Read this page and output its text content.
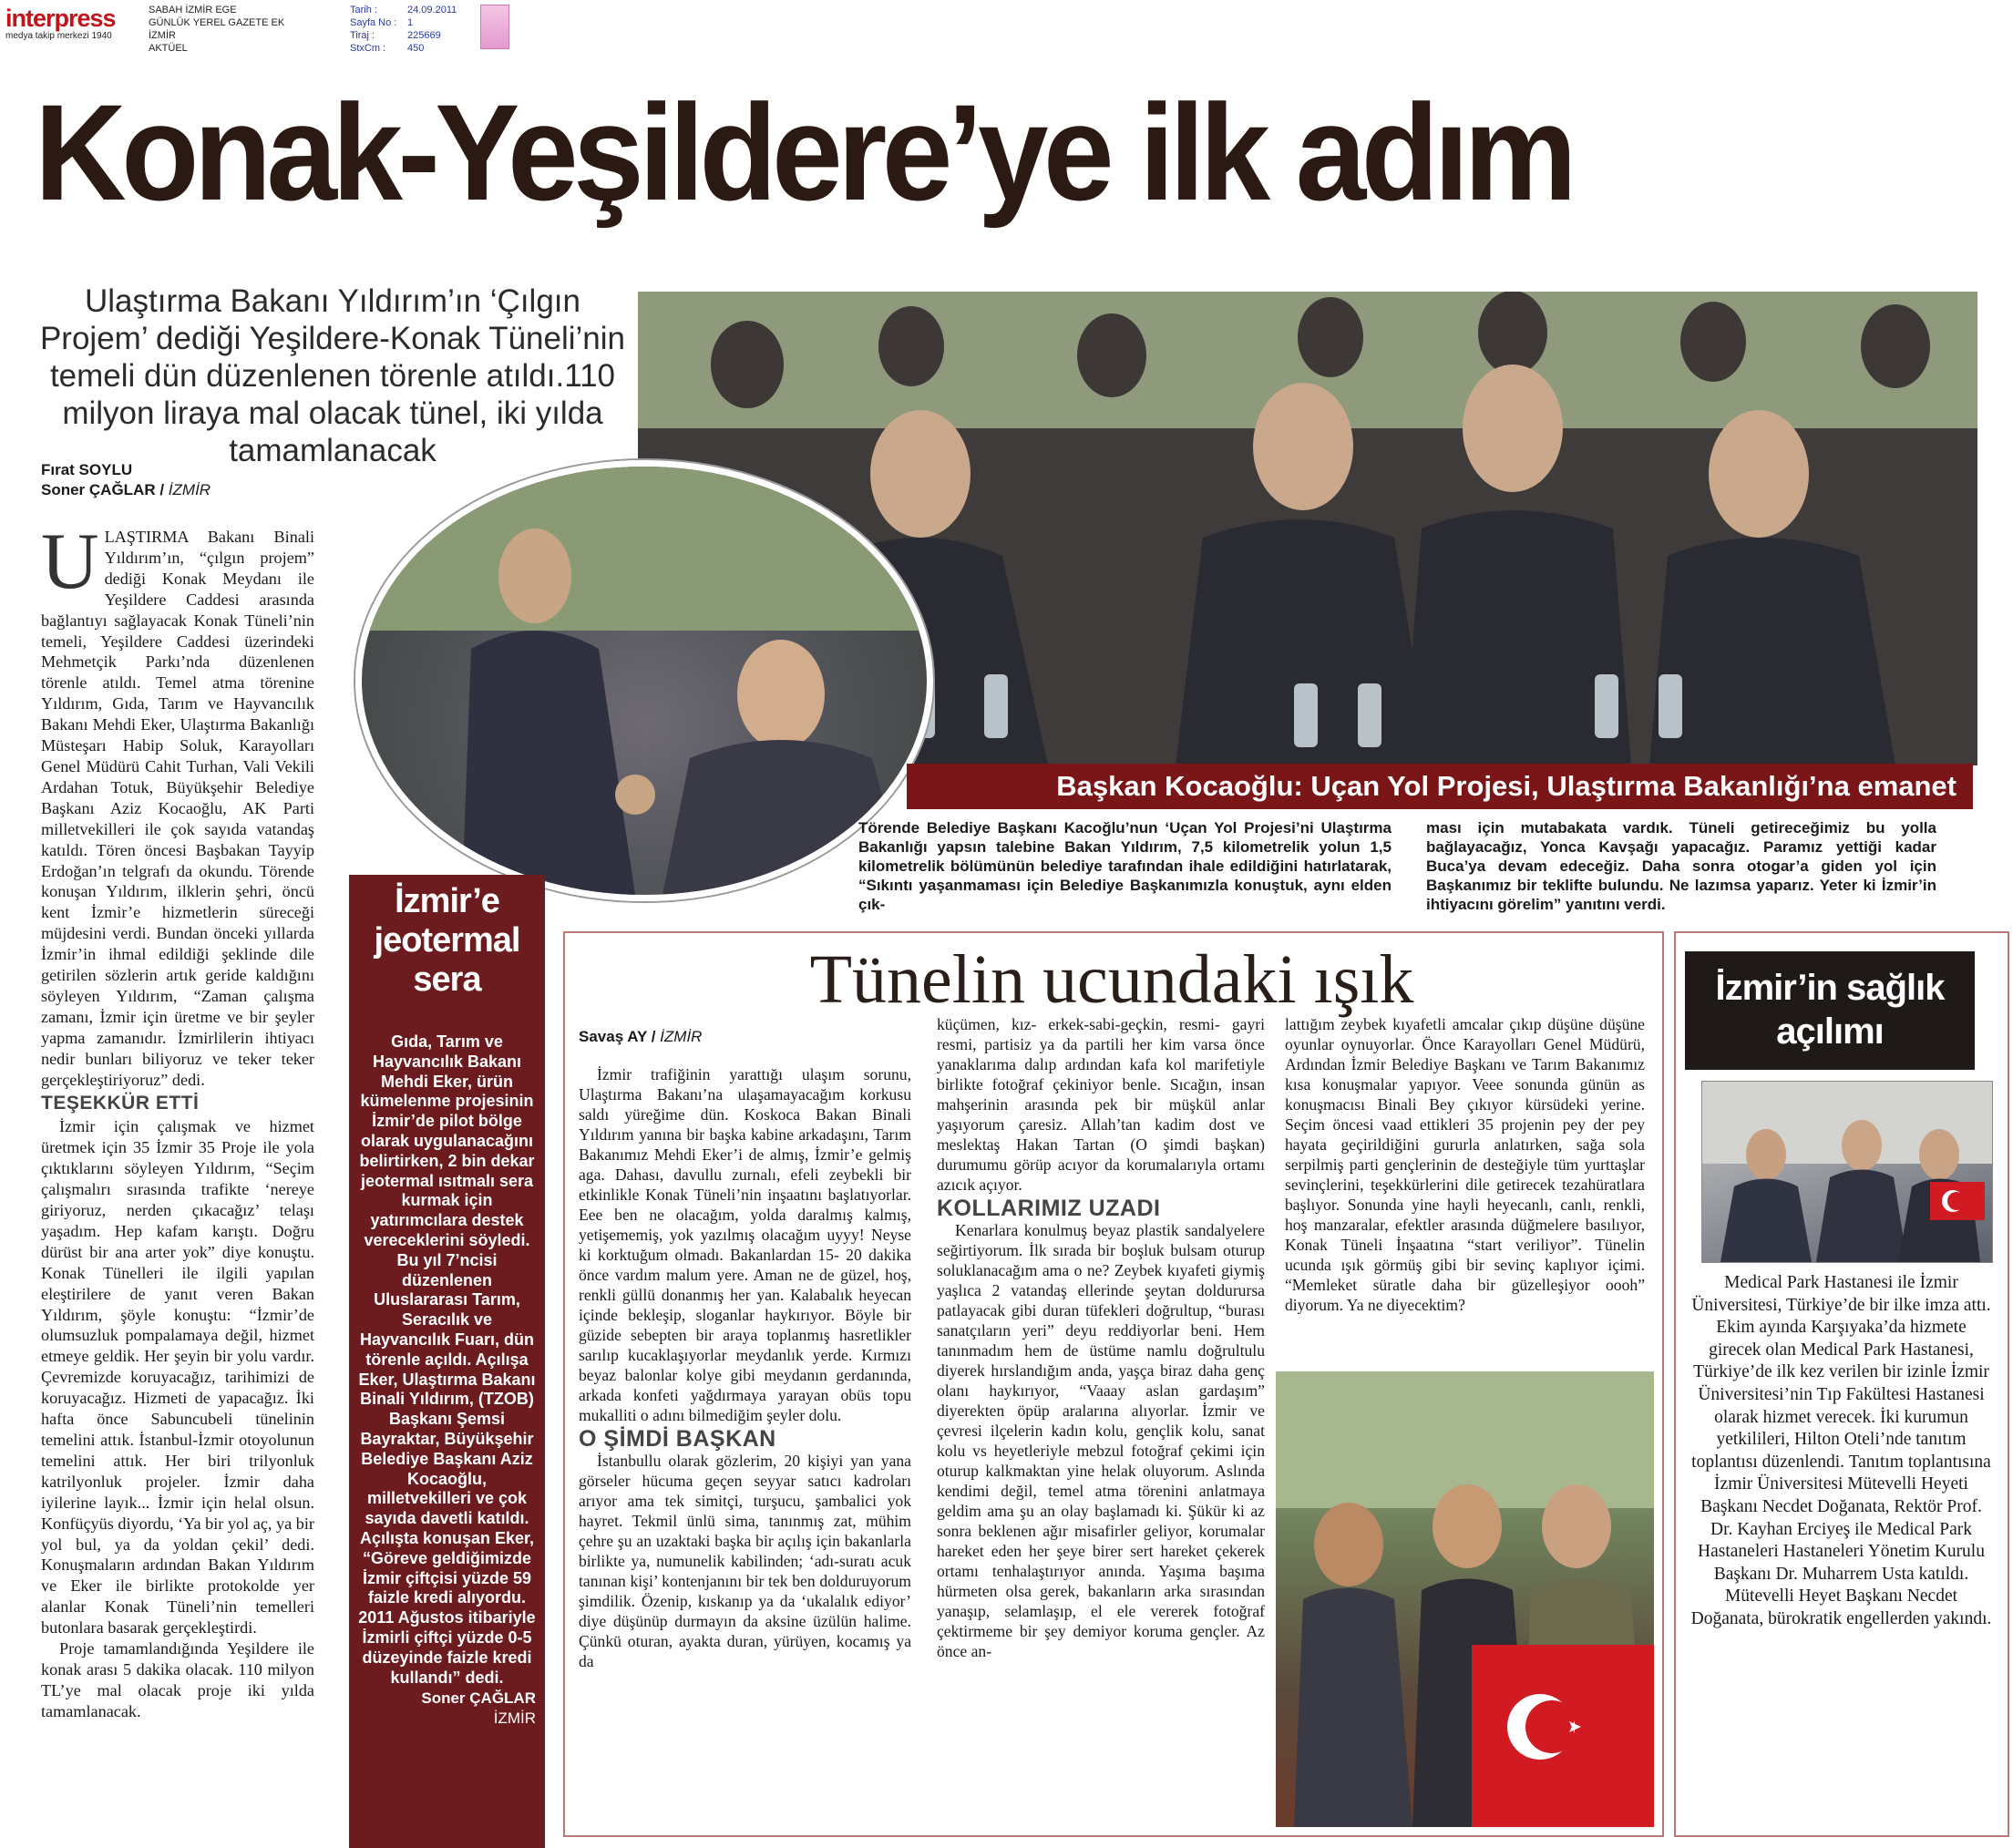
interpress
medya takip merkezi 1940
SABAH İZMİR EGE
GÜNLÜK YEREL GAZETE EK
İZMİR
AKTÜEL
Tarih :	24.09.2011
Sayfa No :	1
Tiraj :	225669
StxCm :	450
Konak-Yeşildere’ye ilk adım
Ulaştırma Bakanı Yıldırım’ın ‘Çılgın Projem’ dediği Yeşildere-Konak Tüneli’nin temeli dün düzenlenen törenle atıldı.110 milyon liraya mal olacak tünel, iki yılda tamamlanacak
Fırat SOYLU
Soner ÇAĞLAR / İZMİR

ULAŞTIRMA Bakanı Binali Yıldırım’ın, “çılgın projem” dediği Konak Meydanı ile Yeşildere Caddesi arasında bağlantıyı sağlayacak Konak Tüneli’nin temeli, Yeşildere Caddesi üzerindeki Mehmetçik Parkı’nda düzenlenen törenle atıldı. Temel atma törenine Yıldırım, Gıda, Tarım ve Hayvancılık Bakanı Mehdi Eker, Ulaştırma Bakanlığı Müsteşarı Habip Soluk, Karayolları Genel Müdürü Cahit Turhan, Vali Vekili Ardahan Totuk, Büyükşehir Belediye Başkanı Aziz Kocaoğlu, AK Parti milletvekilleri ile çok sayıda vatandaş katıldı. Tören öncesi Başbakan Tayyip Erdoğan’ın telgrafı da okundu. Törende konuşan Yıldırım, ilklerin şehri, öncü kent İzmir’e hizmetlerin süreceği müjdesini verdi. Bundan önceki yıllarda İzmir’in ihmal edildiği şeklinde dile getirilen sözlerin artık geride kaldığını söyleyen Yıldırım, “Zaman çalışma zamanı, İzmir için üretme ve bir şeyler yapma zamanıdır. İzmirlilerin ihtiyacı nedir bunları biliyoruz ve teker teker gerçekleştiriyoruz” dedi.

TEŞEKKÜR ETTİ

İzmir için çalışmak ve hizmet üretmek için 35 İzmir 35 Proje ile yola çıktıklarını söyleyen Yıldırım, “Seçim çalışmalırı sırasında trafikte ‘nereye giriyoruz, nerden çıkacağız’ telaşı yaşadım. Hep kafam karıştı. Doğru dürüst bir ana arter yok” diye konuştu. Konak Tünelleri ile ilgili yapılan eleştirilere de yanıt veren Bakan Yıldırım, şöyle konuştu: “İzmir’de olumsuzluk pompalamaya değil, hizmet etmeye geldik. Her şeyin bir yolu vardır. Çevremizde koruyacağız, tarihimizi de koruyacağız. Hizmeti de yapacağız. İki hafta önce Sabuncubeli tünelinin temelini attık. İstanbul-İzmir otoyolunun temelini attık. Her biri trilyonluk katrilyonluk projeler. İzmir daha iyilerine layık... İzmir için helal olsun. Konfüçyüs diyordu, ‘Ya bir yol aç, ya bir yol bul, ya da yoldan çekil’ dedi. Konuşmaların ardından Bakan Yıldırım ve Eker ile birlikte protokolde yer alanlar Konak Tüneli’nin temelleri butonlara basarak gerçekleştirdi.

Proje tamamlandığında Yeşildere ile konak arası 5 dakika olacak. 110 milyon TL’ye mal olacak proje iki yılda tamamlanacak.

İzmir’e jeotermal sera
Gıda, Tarım ve Hayvancılık Bakanı Mehdi Eker, ürün kümelenme projesinin İzmir’de pilot bölge olarak uygulanacağını belirtirken, 2 bin dekar jeotermal ısıtmalı sera kurmak için yatırımcılara destek vereceklerini söyledi. Bu yıl 7’ncisi düzenlenen Uluslararası Tarım, Seracılık ve Hayvancılık Fuarı, dün törenle açıldı. Açılışa Eker, Ulaştırma Bakanı Binali Yıldırım, (TZOB) Başkanı Şemsi Bayraktar, Büyükşehir Belediye Başkanı Aziz Kocaoğlu, milletvekilleri ve çok sayıda davetli katıldı. Açılışta konuşan Eker, “Göreve geldiğimizde İzmir çiftçisi yüzde 59 faizle kredi alıyordu. 2011 Ağustos itibariyle İzmirli çiftçi yüzde 0-5 düzeyinde faizle kredi kullandı” dedi.
Soner ÇAĞLAR
İZMİR
Başkan Kocaoğlu: Uçan Yol Projesi, Ulaştırma Bakanlığı’na emanet
Törende Belediye Başkanı Kacoğlu’nun ‘Uçan Yol Projesi’ni Ulaştırma Bakanlığı yapsın talebine Bakan Yıldırım, 7,5 kilometrelik yolun 1,5 kilometrelik bölümünün belediye tarafından ihale edildiğini hatırlatarak, “Sıkıntı yaşanmaması için Belediye Başkanımızla konuştuk, aynı elden çık-
ması için mutabakata vardık. Tüneli getireceğimiz bu yolla bağlayacağız, Yonca Kavşağı yapacağız. Paramız yettiği kadar Buca’ya devam edeceğiz. Daha sonra otogar’a giden yol için Başkanımız bir teklifte bulundu. Ne lazımsa yaparız. Yeter ki İzmir’in ihtiyacını görelim” yanıtını verdi.
Tünelin ucundaki ışık
Savaş AY / İZMİR

İzmir trafiğinin yarattığı ulaşım sorunu, Ulaştırma Bakanı’na ulaşamayacağım korkusu saldı yüreğime dün. Koskoca Bakan Binali Yıldırım yanına bir başka kabine arkadaşını, Tarım Bakanımız Mehdi Eker’i de almış, İzmir’e gelmiş aga. Dahası, davullu zurnalı, efeli zeybekli bir etkinlikle Konak Tüneli’nin inşaatını başlatıyorlar. Eee ben ne olacağım, yolda daralmış kalmış, yetişememiş, yok yazılmış olacağım uyyy! Neyse ki korktuğum olmadı. Bakanlardan 15- 20 dakika önce vardım malum yere. Aman ne de güzel, hoş, renkli güllü donanmış her yan. Kalabalık heyecan içinde bekleşip, sloganlar haykırıyor. Böyle bir güzide sebepten bir araya toplanmış hasretlikler sarılıp kucaklaşıyorlar meydanlık yerde. Kırmızı beyaz balonlar kolye gibi meydanın gerdanında, arkada konfeti yağdırmaya yarayan obüs topu mukalliti o adını bilmediğim şeyler dolu.

O ŞİMDİ BAŞKAN

İstanbullu olarak gözlerim, 20 kişiyi yan yana görseler hücuma geçen seyyar satıcı kadroları arıyor ama tek simitçi, turşucu, şambalici yok hayret. Tekmil ünlü sima, tanınmış zat, mühim çehre şu an uzaktaki başka bir açılış için bakanlarla birlikte ya, numunelik kabilinden; ‘adı-suratı acuk tanınan kişi’ kontenjanını bir tek ben dolduruyorum şimdilik. Özenip, kıskanıp ya da ‘ukalalık ediyor’ diye düşünüp durmayın da aksine üzülün halime. Çünkü oturan, ayakta duran, yürüyen, kocamış ya da

küçümen, kız- erkek-sabi-geçkin, resmi- gayri resmi, partisiz ya da partili her kim varsa önce yanaklarıma dalıp ardından kafa kol marifetiyle birlikte fotoğraf çekiniyor benle. Sıcağın, insan mahşerinin arasında pek bir müşkül anlar yaşıyorum çaresiz. Allah’tan kadim dost ve meslektaş Hakan Tartan (O şimdi başkan) durumumu görüp acıyor da korumalarıyla ortamı azıcık açıyor.

KOLLARIMIZ UZADI

Kenarlara konulmuş beyaz plastik sandalyelere seğirtiyorum. İlk sırada bir boşluk bulsam oturup soluklanacağım ama o ne? Zeybek kıyafeti giymiş yaşlıca 2 vatandaş ellerinde şeytan doldurursa patlayacak gibi duran tüfekleri doğrultup, “burası sanatçıların yeri” deyu reddiyorlar beni. Hem tanınmadım hem de üstüme namlu doğrultulu diyerek hırslandığım anda, yaşça biraz daha genç olanı haykırıyor, “Vaaay aslan gardaşım” diyerekten öpüp aralarına alıyorlar. İzmir ve çevresi ilçelerin kadın kolu, gençlik kolu, sanat kolu vs heyetleriyle mebzul fotoğraf çekimi için oturup kalkmaktan yine helak oluyorum. Aslında kendimi değil, temel atma törenini anlatmaya geldim ama şu an olay başlamadı ki. Şükür ki az sonra beklenen ağır misafirler geliyor, korumalar hareket eden her şeye birer sert hareket çekerek ortamı tenhalaştırıyor anında. Yaşıma başıma hürmeten olsa gerek, bakanların arka sırasından yanaşıp, selamlaşıp, el ele vererek fotoğraf çektirmeme bir şey demiyor koruma gençler. Az önce an-

lattığım zeybek kıyafetli amcalar çıkıp düşüne düşüne oyunlar oynuyorlar. Önce Karayolları Genel Müdürü, Ardından İzmir Belediye Başkanı ve Tarım Bakanımız kısa konuşmalar yapıyor. Veee sonunda günün as konuşmacısı Binali Bey çıkıyor kürsüdeki yerine. Seçim öncesi vaad ettikleri 35 projenin pey der pey hayata geçirildiğini gururla anlatırken, sağa sola serpilmiş parti gençlerinin de desteğiyle tüm yurttaşlar sevinçlerini, teşekkürlerini dile getirecek tezahüratlara başlıyor. Sonunda yine hayli heyecanlı, canlı, renkli, hoş manzaralar, efektler arasında düğmelere basılıyor, Konak Tüneli İnşaatına “start veriliyor”. Tünelin ucunda ışık görmüş gibi bir sevinç kaplıyor içimi. “Memleket süratle daha bir güzelleşiyor oooh” diyorum. Ya ne diyecektim?

İzmir’in sağlık açılımı
Medical Park Hastanesi ile İzmir Üniversitesi, Türkiye’de bir ilke imza attı. Ekim ayında Karşıyaka’da hizmete girecek olan Medical Park Hastanesi, Türkiye’de ilk kez verilen bir izinle İzmir Üniversitesi’nin Tıp Fakültesi Hastanesi olarak hizmet verecek. İki kurumun yetkilileri, Hilton Oteli’nde tanıtım toplantısı düzenlendi. Tanıtım toplantısına İzmir Üniversitesi Mütevelli Heyeti Başkanı Necdet Doğanata, Rektör Prof. Dr. Kayhan Erciyeş ile Medical Park Hastaneleri Hastaneleri Yönetim Kurulu Başkanı Dr. Muharrem Usta katıldı. Mütevelli Heyet Başkanı Necdet Doğanata, bürokratik engellerden yakındı.
